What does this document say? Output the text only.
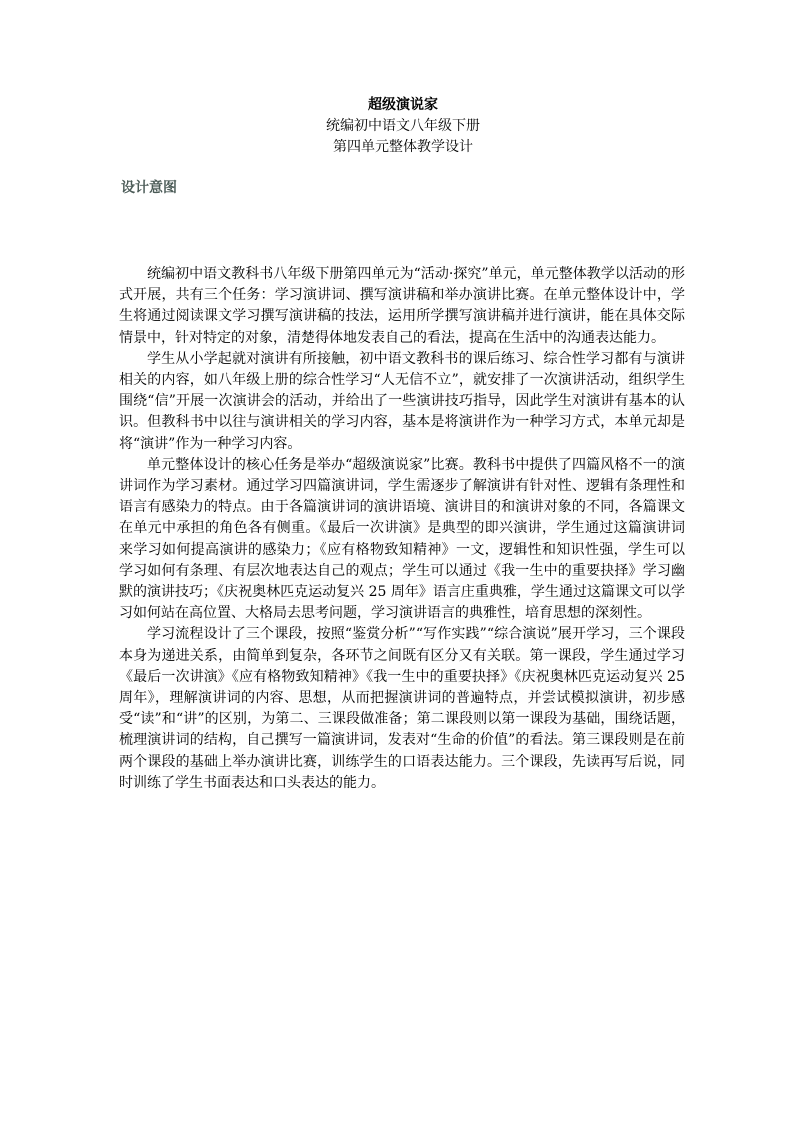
超级演说家

统编初中语文八年级下册

第四单元整体教学设计

设计意图

统编初中语文教科书八年级下册第四单元为“活动·探究”单元，单元整体教学以活动的形式开展，共有三个任务：学习演讲词、撰写演讲稿和举办演讲比赛。在单元整体设计中，学生将通过阅读课文学习撰写演讲稿的技法，运用所学撰写演讲稿并进行演讲，能在具体交际情景中，针对特定的对象，清楚得体地发表自己的看法，提高在生活中的沟通表达能力。

学生从小学起就对演讲有所接触，初中语文教科书的课后练习、综合性学习都有与演讲相关的内容，如八年级上册的综合性学习“人无信不立”，就安排了一次演讲活动，组织学生围绕“信”开展一次演讲会的活动，并给出了一些演讲技巧指导，因此学生对演讲有基本的认识。但教科书中以往与演讲相关的学习内容，基本是将演讲作为一种学习方式，本单元却是将“演讲”作为一种学习内容。

单元整体设计的核心任务是举办“超级演说家”比赛。教科书中提供了四篇风格不一的演讲词作为学习素材。通过学习四篇演讲词，学生需逐步了解演讲有针对性、逻辑有条理性和语言有感染力的特点。由于各篇演讲词的演讲语境、演讲目的和演讲对象的不同，各篇课文在单元中承担的角色各有侧重。《最后一次讲演》是典型的即兴演讲，学生通过这篇演讲词来学习如何提高演讲的感染力；《应有格物致知精神》一文，逻辑性和知识性强，学生可以学习如何有条理、有层次地表达自己的观点；学生可以通过《我一生中的重要抉择》学习幽默的演讲技巧；《庆祝奥林匹克运动复兴 25 周年》语言庄重典雅，学生通过这篇课文可以学习如何站在高位置、大格局去思考问题，学习演讲语言的典雅性，培育思想的深刻性。

学习流程设计了三个课段，按照“鉴赏分析”“写作实践”“综合演说”展开学习，三个课段本身为递进关系，由简单到复杂，各环节之间既有区分又有关联。第一课段，学生通过学习《最后一次讲演》《应有格物致知精神》《我一生中的重要抉择》《庆祝奥林匹克运动复兴 25 周年》，理解演讲词的内容、思想，从而把握演讲词的普遍特点，并尝试模拟演讲，初步感受“读”和“讲”的区别，为第二、三课段做准备；第二课段则以第一课段为基础，围绕话题，梳理演讲词的结构，自己撰写一篇演讲词，发表对“生命的价值”的看法。第三课段则是在前两个课段的基础上举办演讲比赛，训练学生的口语表达能力。三个课段，先读再写后说，同时训练了学生书面表达和口头表达的能力。
